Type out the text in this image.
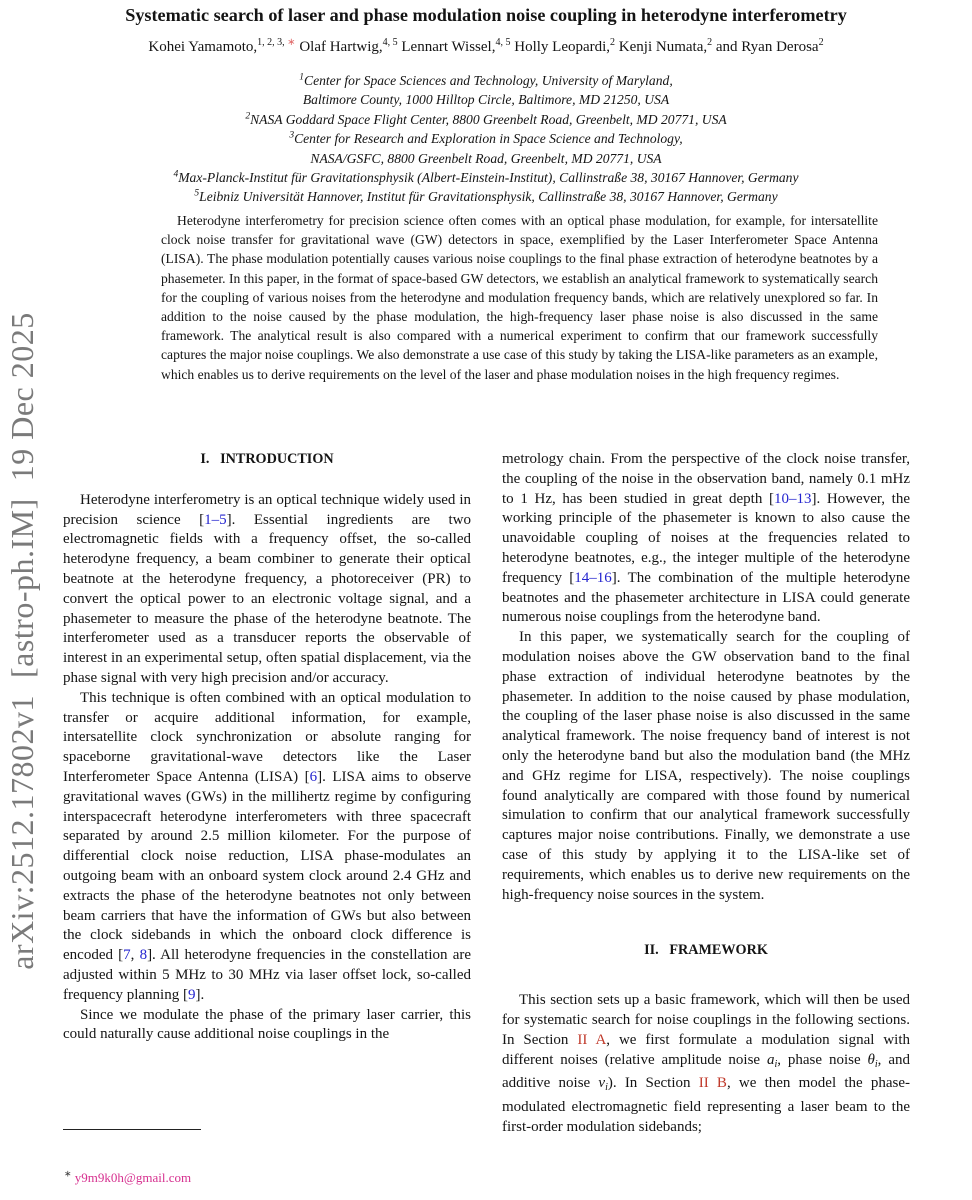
arXiv:2512.17802v1  [astro-ph.IM]  19 Dec 2025
Systematic search of laser and phase modulation noise coupling in heterodyne interferometry
Kohei Yamamoto,$^{1, 2, 3, ∗}$ Olaf Hartwig,$^{4, 5}$ Lennart Wissel,$^{4, 5}$ Holly Leopardi,$^2$ Kenji Numata,$^2$ and Ryan Derosa$^2$
$^1$Center for Space Sciences and Technology, University of Maryland,
Baltimore County, 1000 Hilltop Circle, Baltimore, MD 21250, USA
$^2$NASA Goddard Space Flight Center, 8800 Greenbelt Road, Greenbelt, MD 20771, USA
$^3$Center for Research and Exploration in Space Science and Technology,
NASA/GSFC, 8800 Greenbelt Road, Greenbelt, MD 20771, USA
$^4$Max-Planck-Institut für Gravitationsphysik (Albert-Einstein-Institut), Callinstraße 38, 30167 Hannover, Germany
$^5$Leibniz Universität Hannover, Institut für Gravitationsphysik, Callinstraße 38, 30167 Hannover, Germany

Heterodyne interferometry for precision science often comes with an optical phase modulation, for example, for intersatellite clock noise transfer for gravitational wave (GW) detectors in space, exemplified by the Laser Interferometer Space Antenna (LISA). The phase modulation potentially causes various noise couplings to the final phase extraction of heterodyne beatnotes by a phasemeter. In this paper, in the format of space-based GW detectors, we establish an analytical framework to systematically search for the coupling of various noises from the heterodyne and modulation frequency bands, which are relatively unexplored so far. In addition to the noise caused by the phase modulation, the high-frequency laser phase noise is also discussed in the same framework. The analytical result is also compared with a numerical experiment to confirm that our framework successfully captures the major noise couplings. We also demonstrate a use case of this study by taking the LISA-like parameters as an example, which enables us to derive requirements on the level of the laser and phase modulation noises in the high frequency regimes.

I.   INTRODUCTION

Heterodyne interferometry is an optical technique widely used in precision science [1–5]. Essential ingredients are two electromagnetic fields with a frequency offset, the so-called heterodyne frequency, a beam combiner to generate their optical beatnote at the heterodyne frequency, a photoreceiver (PR) to convert the optical power to an electronic voltage signal, and a phasemeter to measure the phase of the heterodyne beatnote. The interferometer used as a transducer reports the observable of interest in an experimental setup, often spatial displacement, via the phase signal with very high precision and/or accuracy.

This technique is often combined with an optical modulation to transfer or acquire additional information, for example, intersatellite clock synchronization or absolute ranging for spaceborne gravitational-wave detectors like the Laser Interferometer Space Antenna (LISA) [6]. LISA aims to observe gravitational waves (GWs) in the millihertz regime by configuring interspacecraft heterodyne interferometers with three spacecraft separated by around 2.5 million kilometer. For the purpose of differential clock noise reduction, LISA phase-modulates an outgoing beam with an onboard system clock around 2.4 GHz and extracts the phase of the heterodyne beatnotes not only between beam carriers that have the information of GWs but also between the clock sidebands in which the onboard clock difference is encoded [7, 8]. All heterodyne frequencies in the constellation are adjusted within 5 MHz to 30 MHz via laser offset lock, so-called frequency planning [9].

Since we modulate the phase of the primary laser carrier, this could naturally cause additional noise couplings in the

metrology chain. From the perspective of the clock noise transfer, the coupling of the noise in the observation band, namely 0.1 mHz to 1 Hz, has been studied in great depth [10–13]. However, the working principle of the phasemeter is known to also cause the unavoidable coupling of noises at the frequencies related to heterodyne beatnotes, e.g., the integer multiple of the heterodyne frequency [14–16]. The combination of the multiple heterodyne beatnotes and the phasemeter architecture in LISA could generate numerous noise couplings from the heterodyne band.

In this paper, we systematically search for the coupling of modulation noises above the GW observation band to the final phase extraction of individual heterodyne beatnotes by the phasemeter. In addition to the noise caused by phase modulation, the coupling of the laser phase noise is also discussed in the same analytical framework. The noise frequency band of interest is not only the heterodyne band but also the modulation band (the MHz and GHz regime for LISA, respectively). The noise couplings found analytically are compared with those found by numerical simulation to confirm that our analytical framework successfully captures major noise contributions. Finally, we demonstrate a use case of this study by applying it to the LISA-like set of requirements, which enables us to derive new requirements on the high-frequency noise sources in the system.

II.   FRAMEWORK

This section sets up a basic framework, which will then be used for systematic search for noise couplings in the following sections. In Section II A, we first formulate a modulation signal with different noises (relative amplitude noise $a_i$, phase noise $\theta_i$, and additive noise $\nu_i$). In Section II B, we then model the phase-modulated electromagnetic field representing a laser beam to the first-order modulation sidebands;

∗ y9m9k0h@gmail.com
